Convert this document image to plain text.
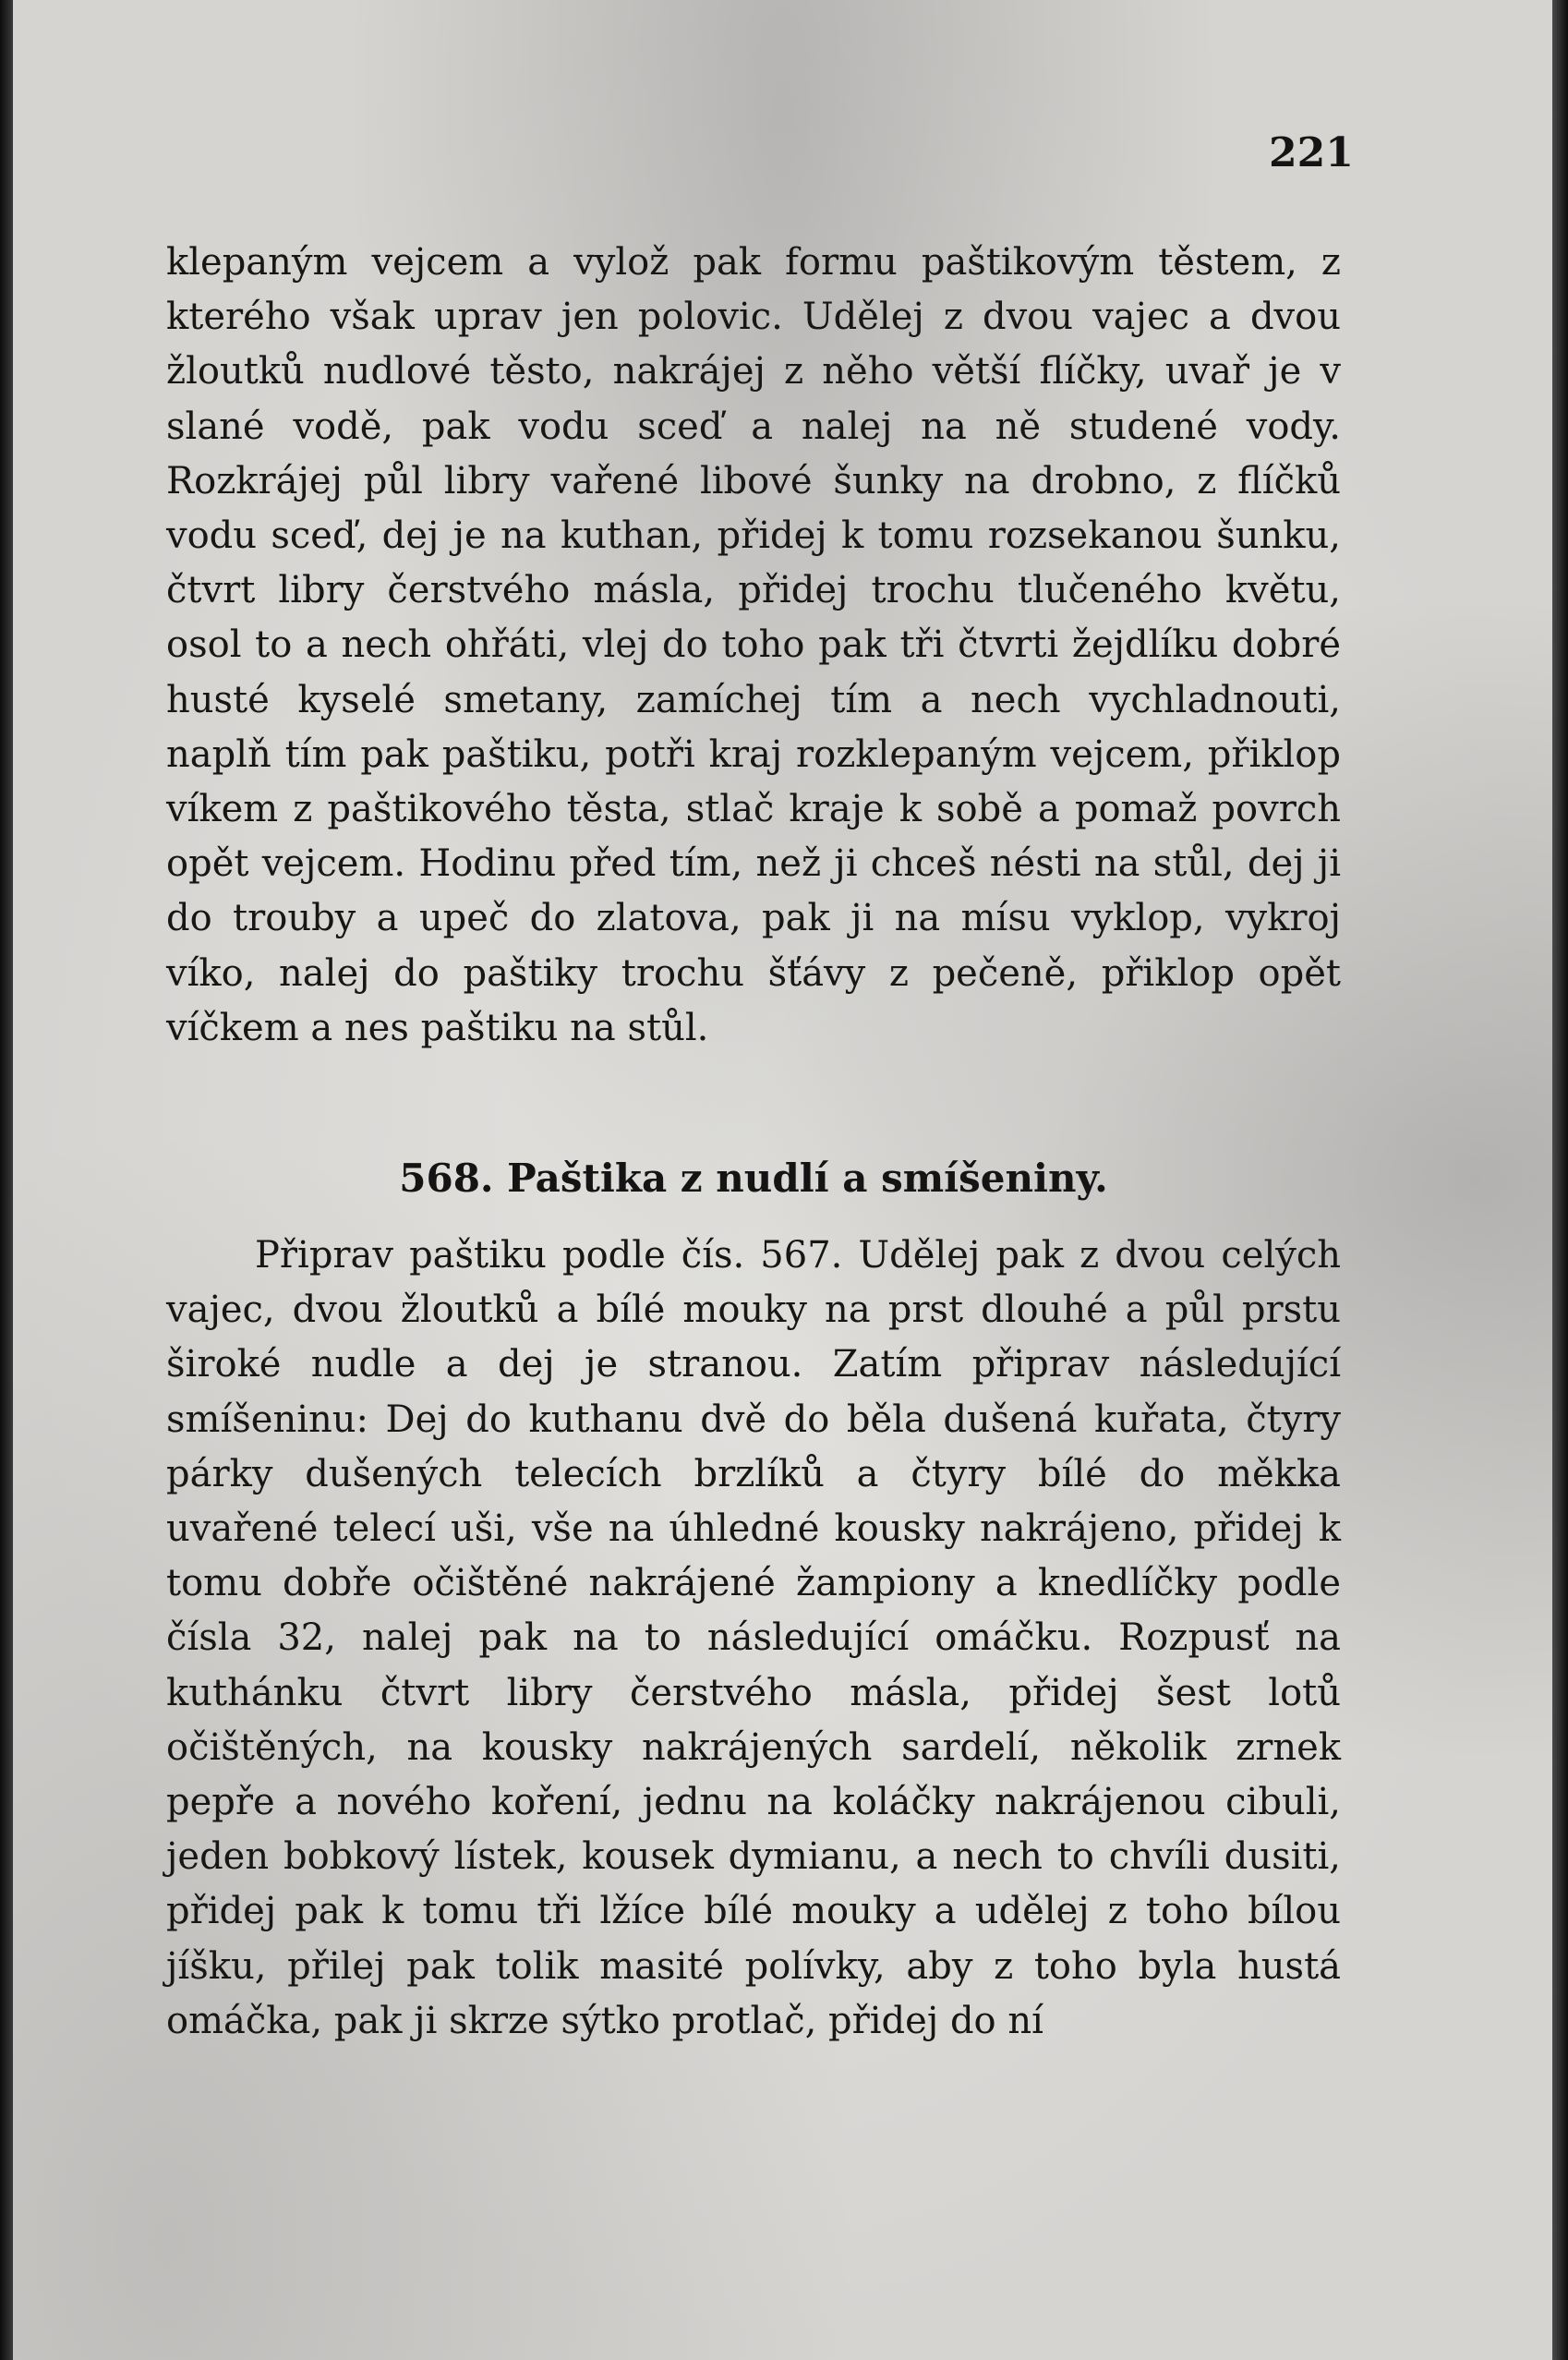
221

klepaným vejcem a vylož pak formu paštikovým těstem, z kterého však uprav jen polovic. Udělej z dvou vajec a dvou žloutků nudlové těsto, nakrájej z něho větší flíčky, uvař je v slané vodě, pak vodu sceď a nalej na ně studené vody. Rozkrájej půl libry vařené libové šunky na drobno, z flíčků vodu sceď, dej je na kuthan, přidej k tomu rozsekanou šunku, čtvrt libry čerstvého másla, přidej trochu tlučeného květu, osol to a nech ohřáti, vlej do toho pak tři čtvrti žejdlíku dobré husté kyselé smetany, zamíchej tím a nech vychladnouti, naplň tím pak paštiku, potři kraj rozklepaným vejcem, přiklop víkem z paštikového těsta, stlač kraje k sobě a pomaž povrch opět vejcem. Hodinu před tím, než ji chceš nésti na stůl, dej ji do trouby a upeč do zlatova, pak ji na mísu vyklop, vykroj víko, nalej do paštiky trochu šťávy z pečeně, přiklop opět víčkem a nes paštiku na stůl.

568. Paštika z nudlí a smíšeniny.

Připrav paštiku podle čís. 567. Udělej pak z dvou celých vajec, dvou žloutků a bílé mouky na prst dlouhé a půl prstu široké nudle a dej je stranou. Zatím připrav následující smíšeninu: Dej do kuthanu dvě do běla dušená kuřata, čtyry párky dušených telecích brzlíků a čtyry bílé do měkka uvařené telecí uši, vše na úhledné kousky nakrájeno, přidej k tomu dobře očištěné nakrájené žampiony a knedlíčky podle čísla 32, nalej pak na to následující omáčku. Rozpusť na kuthánku čtvrt libry čerstvého másla, přidej šest lotů očištěných, na kousky nakrájených sardelí, několik zrnek pepře a nového koření, jednu na koláčky nakrájenou cibuli, jeden bobkový lístek, kousek dymianu, a nech to chvíli dusiti, přidej pak k tomu tři lžíce bílé mouky a udělej z toho bílou jíšku, přilej pak tolik masité polívky, aby z toho byla hustá omáčka, pak ji skrze sýtko protlač, přidej do ní
